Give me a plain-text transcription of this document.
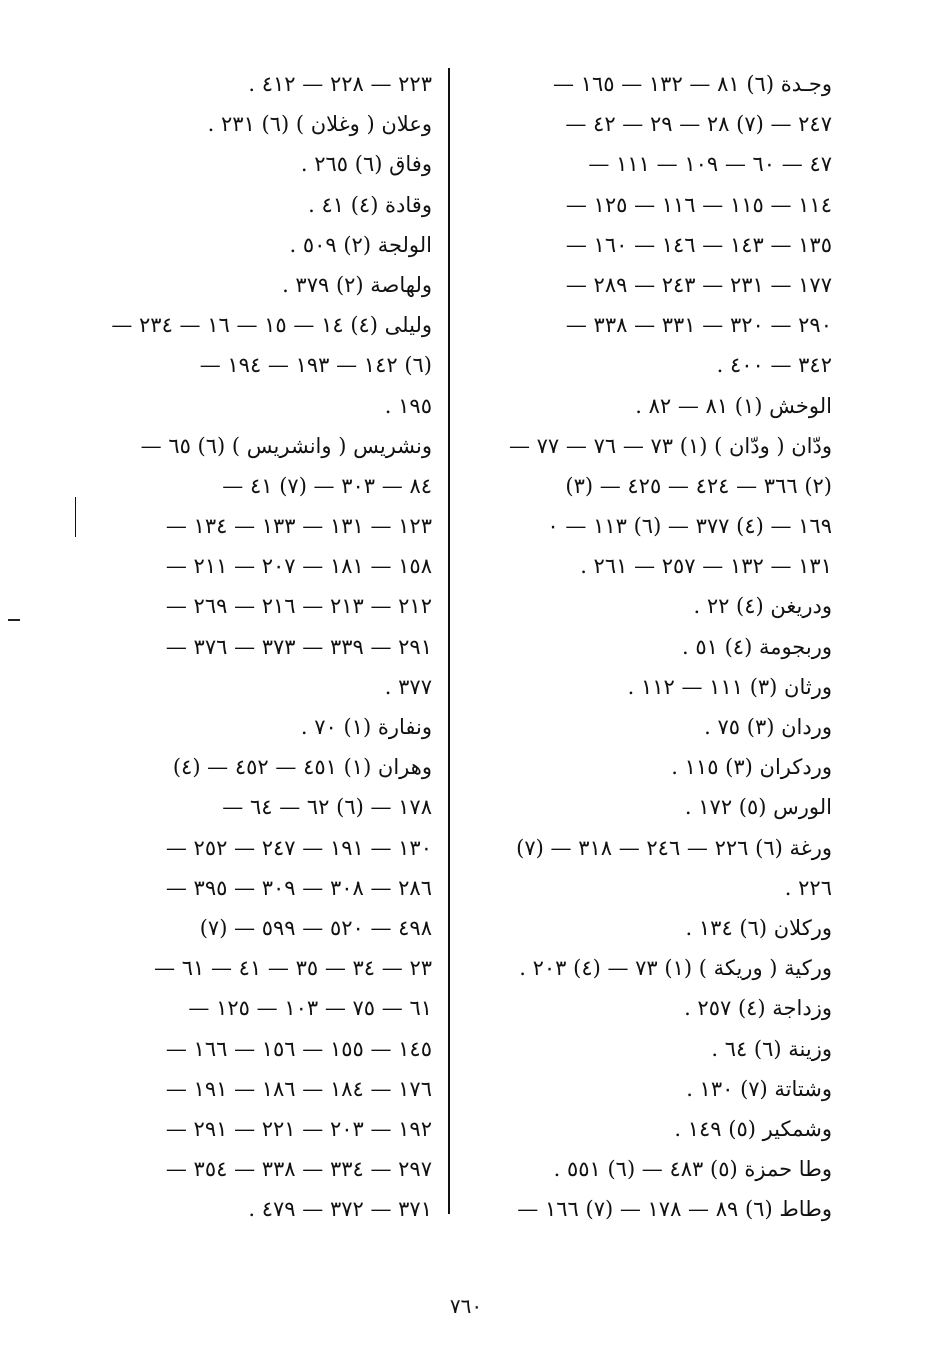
وجـدة (٦) ٨١ — ١٣٢ — ١٦٥ —
٢٤٧ — (٧) ٢٨ — ٢٩ — ٤٢ —
٤٧ — ٦٠ — ١٠٩ — ١١١ —
١١٤ — ١١٥ — ١١٦ — ١٢٥ —
١٣٥ — ١٤٣ — ١٤٦ — ١٦٠ —
١٧٧ — ٢٣١ — ٢٤٣ — ٢٨٩ —
٢٩٠ — ٣٢٠ — ٣٣١ — ٣٣٨ —
٣٤٢ — ٤٠٠ .
الوخش (١) ٨١ — ٨٢ .
ودّان ( ودّان ) (١) ٧٣ — ٧٦ — ٧٧ —
(٢) ٣٦٦ — ٤٢٤ — ٤٢٥ — (٣)
١٦٩ — (٤) ٣٧٧ — (٦) ١١٣ — ٠
١٣١ — ١٣٢ — ٢٥٧ — ٢٦١ .
ودريغن (٤) ٢٢ .
وربجومة (٤) ٥١ .
ورثان (٣) ١١١ — ١١٢ .
وردان (٣) ٧٥ .
وردكران (٣) ١١٥ .
الورس (٥) ١٧٢ .
ورغة (٦) ٢٢٦ — ٢٤٦ — ٣١٨ — (٧)
٢٢٦ .
وركلان (٦) ١٣٤ .
وركية ( وريكة ) (١) ٧٣ — (٤) ٢٠٣ .
وزداجة (٤) ٢٥٧ .
وزينة (٦) ٦٤ .
وشتاتة (٧) ١٣٠ .
وشمكير (٥) ١٤٩ .
وطا حمزة (٥) ٤٨٣ — (٦) ٥٥١ .
وطاط (٦) ٨٩ — ١٧٨ — (٧) ١٦٦ —
٢٢٣ — ٢٢٨ — ٤١٢ .
وعلان ( وغلان ) (٦) ٢٣١ .
وفاق (٦) ٢٦٥ .
وقادة (٤) ٤١ .
الولجة (٢) ٥٠٩ .
ولهاصة (٢) ٣٧٩ .
وليلى (٤) ١٤ — ١٥ — ١٦ — ٢٣٤ —
(٦) ١٤٢ — ١٩٣ — ١٩٤ —
١٩٥ .
ونشريس ( وانشريس ) (٦) ٦٥ —
٨٤ — ٣٠٣ — (٧) ٤١ —
١٢٣ — ١٣١ — ١٣٣ — ١٣٤ —
١٥٨ — ١٨١ — ٢٠٧ — ٢١١ —
٢١٢ — ٢١٣ — ٢١٦ — ٢٦٩ —
٢٩١ — ٣٣٩ — ٣٧٣ — ٣٧٦ —
٣٧٧ .
ونفارة (١) ٧٠ .
وهران (١) ٤٥١ — ٤٥٢ — (٤)
١٧٨ — (٦) ٦٢ — ٦٤ —
١٣٠ — ١٩١ — ٢٤٧ — ٢٥٢ —
٢٨٦ — ٣٠٨ — ٣٠٩ — ٣٩٥ —
٤٩٨ — ٥٢٠ — ٥٩٩ — (٧)
٢٣ — ٣٤ — ٣٥ — ٤١ — ٦١ —
٦١ — ٧٥ — ١٠٣ — ١٢٥ —
١٤٥ — ١٥٥ — ١٥٦ — ١٦٦ —
١٧٦ — ١٨٤ — ١٨٦ — ١٩١ —
١٩٢ — ٢٠٣ — ٢٢١ — ٢٩١ —
٢٩٧ — ٣٣٤ — ٣٣٨ — ٣٥٤ —
٣٧١ — ٣٧٢ — ٤٧٩ .
٧٦٠
